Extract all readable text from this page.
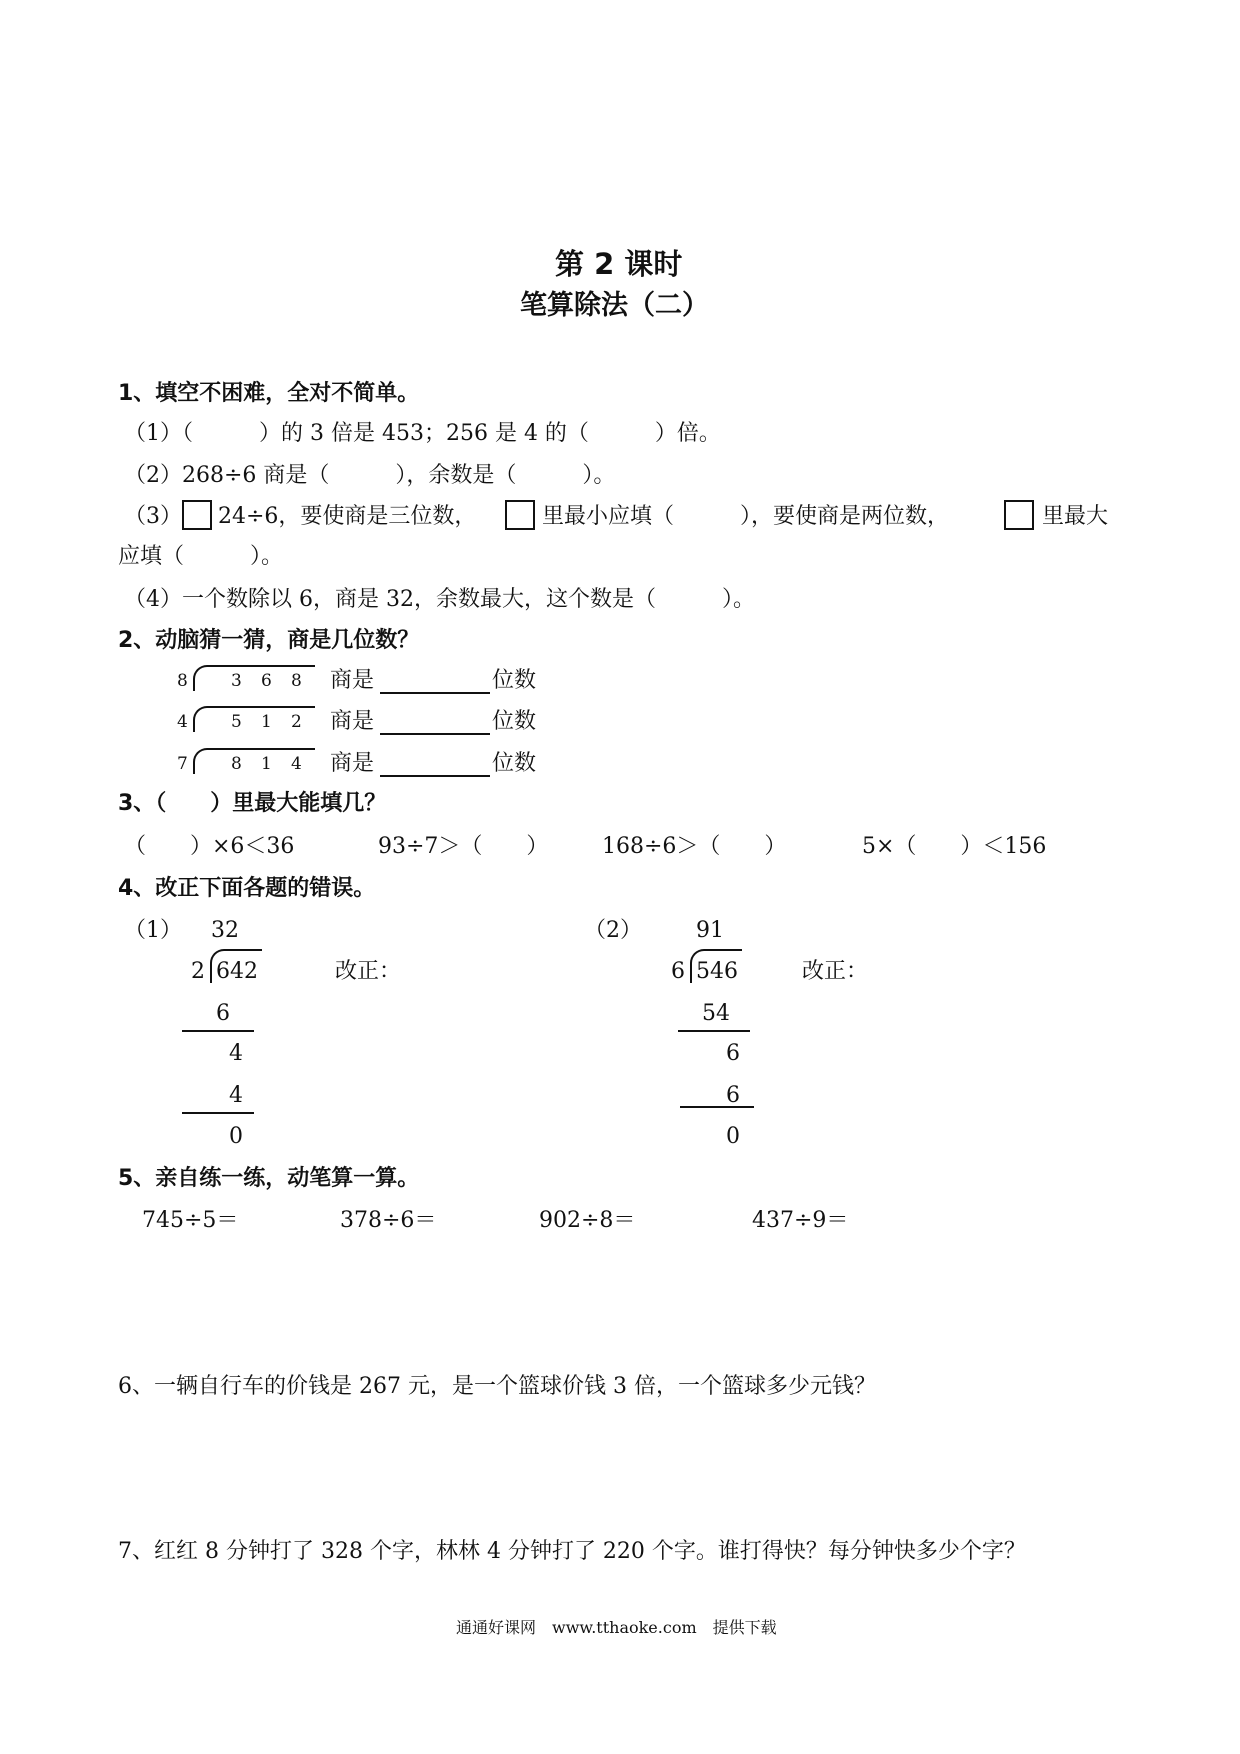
第 2 课时
笔算除法（二）
1、填空不困难，全对不简单。
（1）（　　　）的 3 倍是 453；256 是 4 的（　　　）倍。
（2）268÷6 商是（　　　），余数是（　　　）。
（3） 24÷6，要使商是三位数，	里最小应填（　　　），要使商是两位数，	里最大
应填（　　　）。
（4）一个数除以 6，商是 32，余数最大，这个数是（　　　）。
2、动脑猜一猜，商是几位数？
8	3 6 8 商是	位数
4	5 1 2 商是	位数
7	8 1 4 商是	位数
3、（　　）里最大能填几？
（　　）×6＜36	93÷7＞（　　） 168÷6＞（　　）	5×（　　）＜156
4、改正下面各题的错误。
（1） 32
2 642	改正：
6
4
4
0
（2） 91
6 546	改正：
54
6
6
0
5、亲自练一练，动笔算一算。
745÷5＝	378÷6＝	902÷8＝	437÷9＝
6、一辆自行车的价钱是 267 元，是一个篮球价钱 3 倍，一个篮球多少元钱？
7、红红 8 分钟打了 328 个字，林林 4 分钟打了 220 个字。谁打得快？每分钟快多少个字？
通通好课网　www.tthaoke.com　提供下载
